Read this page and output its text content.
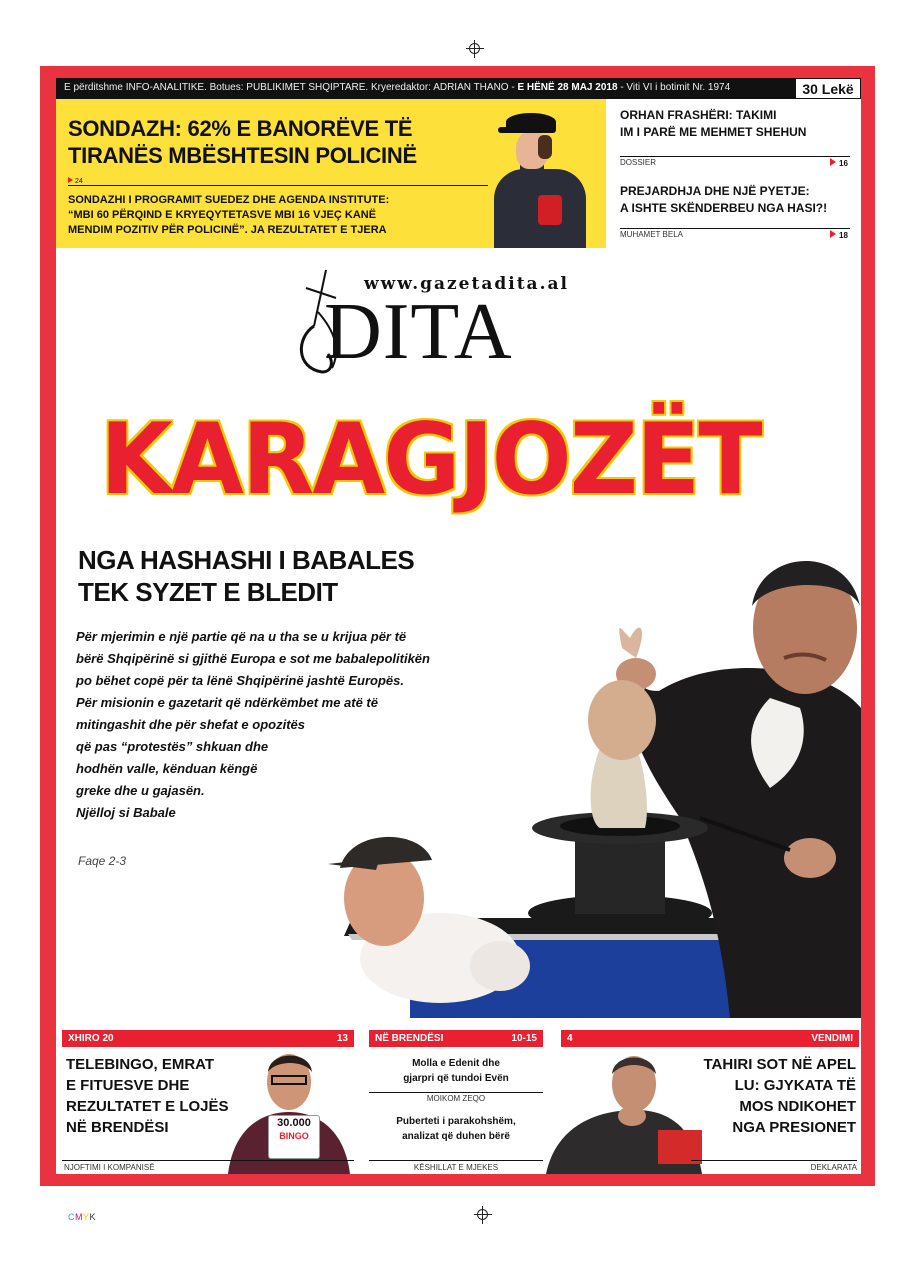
E përditshme INFO-ANALITIKE. Botues: PUBLIKIMET SHQIPTARE. Kryeredaktor: ADRIAN THANO - E HËNË 28 MAJ 2018 - Viti VI i botimit Nr. 1974	30 Lekë
SONDAZH: 62% E BANORËVE TË
TIRANËS MBËSHTESIN POLICINË
24
SONDAZHI I PROGRAMIT SUEDEZ DHE AGENDA INSTITUTE:
“MBI 60 PËRQIND E KRYEQYTETASVE MBI 16 VJEÇ KANË
MENDIM POZITIV PËR POLICINË”. JA REZULTATET E TJERA
ORHAN FRASHËRI: TAKIMI
IM I PARË ME MEHMET SHEHUN
DOSSIER	16
PREJARDHJA DHE NJË PYETJE:
A ISHTE SKËNDERBEU NGA HASI?!
MUHAMET BELA	18
www.gazetadita.al
DITA
KARAGJOZËT
NGA HASHASHI I BABALES
TEK SYZET E BLEDIT
Për mjerimin e një partie që na u tha se u krijua për të
bërë Shqipërinë si gjithë Europa e sot me babalepolitikën
po bëhet copë për ta lënë Shqipërinë jashtë Europës.
Për misionin e gazetarit që ndërkëmbet me atë të
mitingashit dhe për shefat e opozitës
që pas “protestës” shkuan dhe
hodhën valle, kënduan këngë
greke dhe u gajasën.
Njëlloj si Babale
Faqe 2-3
XHIRO 20	13
TELEBINGO, EMRAT
E FITUESVE DHE
REZULTATET E LOJËS
NË BRENDËSI	30.000
BINGO
NJOFTIMI I KOMPANISË
NË BRENDËSI	10-15
Molla e Edenit dhe
gjarpri që tundoi Evën
MOIKOM ZEQO
Puberteti i parakohshëm,
analizat që duhen bërë
KËSHILLAT E MJEKES
4	VENDIMI
TAHIRI SOT NË APEL
LU: GJYKATA TË
MOS NDIKOHET
NGA PRESIONET
DEKLARATA
CMYK
